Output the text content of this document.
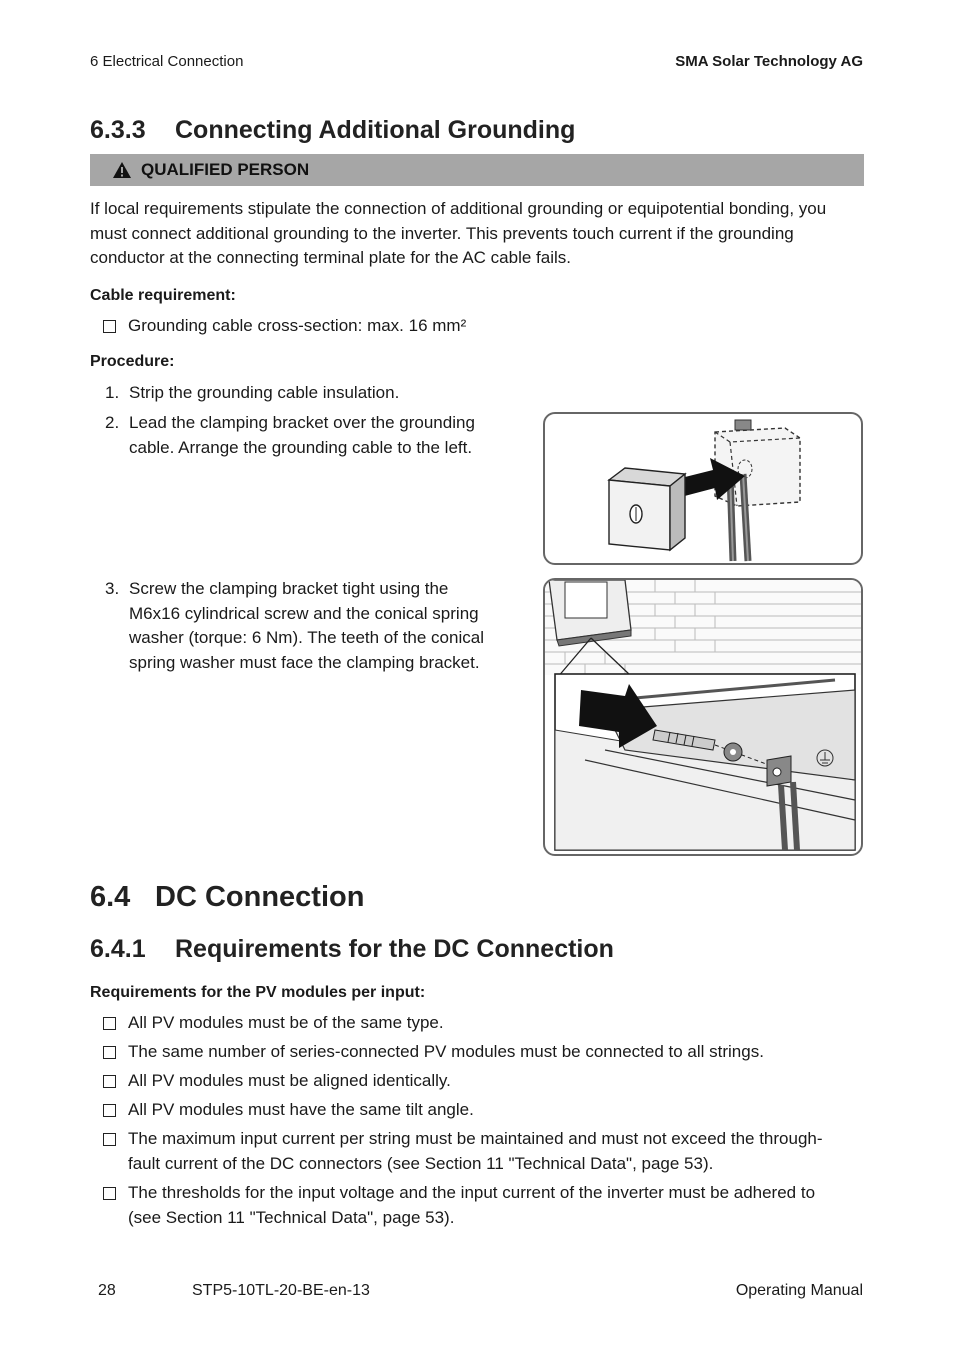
6 Electrical Connection	SMA Solar Technology AG
6.3.3 Connecting Additional Grounding
QUALIFIED PERSON
If local requirements stipulate the connection of additional grounding or equipotential bonding, you
must connect additional grounding to the inverter. This prevents touch current if the grounding
conductor at the connecting terminal plate for the AC cable fails.
Cable requirement:
Grounding cable cross-section: max. 16 mm²
Procedure:
1. Strip the grounding cable insulation.
2. Lead the clamping bracket over the grounding
cable. Arrange the grounding cable to the left.
3. Screw the clamping bracket tight using the
M6x16 cylindrical screw and the conical spring
washer (torque: 6 Nm). The teeth of the conical
spring washer must face the clamping bracket.
6.4 DC Connection
6.4.1 Requirements for the DC Connection
Requirements for the PV modules per input:
All PV modules must be of the same type.
The same number of series-connected PV modules must be connected to all strings.
All PV modules must be aligned identically.
All PV modules must have the same tilt angle.
The maximum input current per string must be maintained and must not exceed the through-
fault current of the DC connectors (see Section 11 "Technical Data", page 53).
The thresholds for the input voltage and the input current of the inverter must be adhered to
(see Section 11 "Technical Data", page 53).
28	STP5-10TL-20-BE-en-13	Operating Manual
